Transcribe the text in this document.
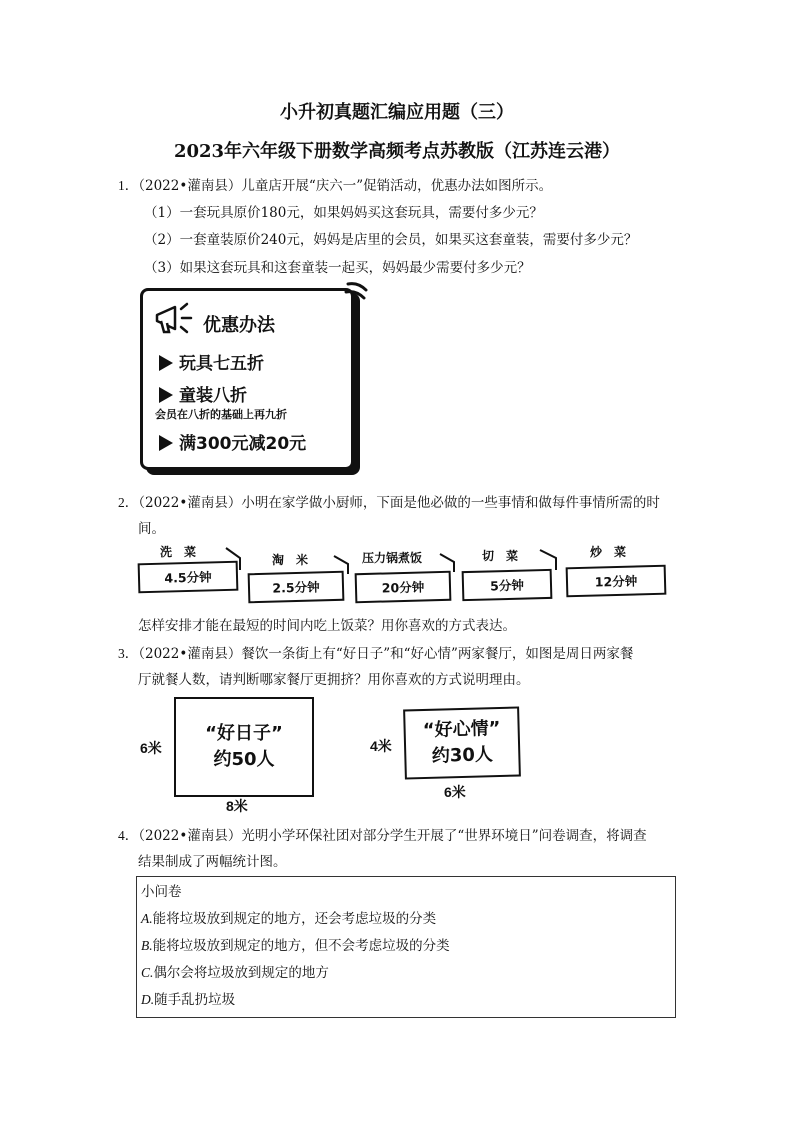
小升初真题汇编应用题（三）
2023年六年级下册数学高频考点苏教版（江苏连云港）
1．（2022•灌南县）儿童店开展“庆六一”促销活动，优惠办法如图所示。
（1）一套玩具原价180元，如果妈妈买这套玩具，需要付多少元？
（2）一套童装原价240元，妈妈是店里的会员，如果买这套童装，需要付多少元？
（3）如果这套玩具和这套童装一起买，妈妈最少需要付多少元？
优惠办法
玩具七五折
童装八折
会员在八折的基础上再九折
满300元减20元
2．（2022•灌南县）小明在家学做小厨师，下面是他必做的一些事情和做每件事情所需的时
间。
洗　菜
4.5分钟
淘　米
2.5分钟
压力锅煮饭
20分钟
切　菜
5分钟
炒　菜
12分钟
怎样安排才能在最短的时间内吃上饭菜？用你喜欢的方式表达。
3．（2022•灌南县）餐饮一条街上有“好日子”和“好心情”两家餐厅，如图是周日两家餐
厅就餐人数，请判断哪家餐厅更拥挤？用你喜欢的方式说明理由。
“好日子”
约50人
6米
8米
“好心情”
约30人
4米
6米
4．（2022•灌南县）光明小学环保社团对部分学生开展了“世界环境日”问卷调查，将调查
结果制成了两幅统计图。
小问卷
A.能将垃圾放到规定的地方，还会考虑垃圾的分类
B.能将垃圾放到规定的地方，但不会考虑垃圾的分类
C.偶尔会将垃圾放到规定的地方
D.随手乱扔垃圾
